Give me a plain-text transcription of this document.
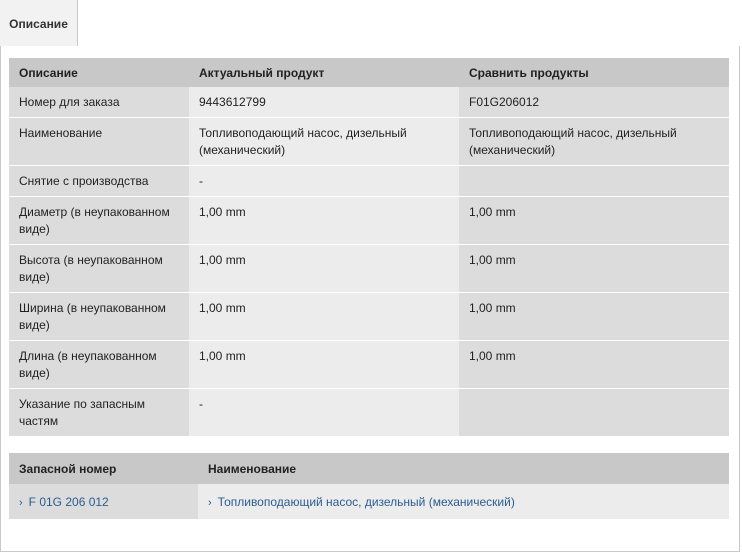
Описание
Описание	Актуальный продукт	Сравнить продукты
Номер для заказа	9443612799	F01G206012
Наименование	Топливоподающий насос, дизельный (механический)	Топливоподающий насос, дизельный (механический)
Снятие с производства	-	
Диаметр (в неупакованном виде)	1,00 mm	1,00 mm
Высота (в неупакованном виде)	1,00 mm	1,00 mm
Ширина (в неупакованном виде)	1,00 mm	1,00 mm
Длина (в неупакованном виде)	1,00 mm	1,00 mm
Указание по запасным частям	-	
Запасной номер	Наименование
› F 01G 206 012	› Топливоподающий насос, дизельный (механический)
